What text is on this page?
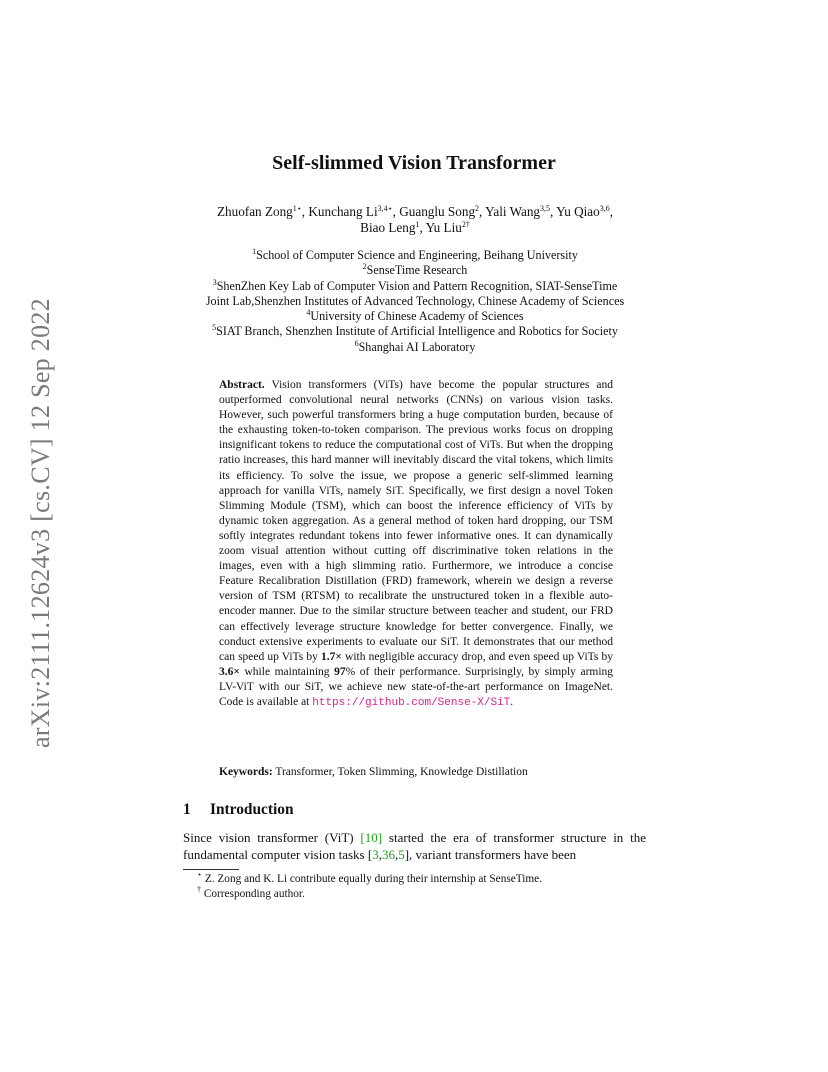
arXiv:2111.12624v3 [cs.CV] 12 Sep 2022
Self-slimmed Vision Transformer
Zhuofan Zong$^{1⋆}$, Kunchang $Li^{3,4⋆}$, Guanglu Song$^2$, Yali Wang$^{3,5}$, Yu Qiao$^{3,6}$,
Biao Leng$^1$, Yu Liu$^{2\dagger}$
$^1$School of Computer Science and Engineering, Beihang University
$^2$SenseTime Research
$^3$ShenZhen Key Lab of Computer Vision and Pattern Recognition, SIAT-SenseTime
Joint Lab,Shenzhen Institutes of Advanced Technology, Chinese Academy of Sciences
$^4$University of Chinese Academy of Sciences
$^5$SIAT Branch, Shenzhen Institute of Artificial Intelligence and Robotics for Society
$^6$Shanghai AI Laboratory
Abstract. Vision transformers (ViTs) have become the popular structures and outperformed convolutional neural networks (CNNs) on various vision tasks. However, such powerful transformers bring a huge computation burden, because of the exhausting token-to-token comparison. The previous works focus on dropping insignificant tokens to reduce the computational cost of ViTs. But when the dropping ratio increases, this hard manner will inevitably discard the vital tokens, which limits its efficiency. To solve the issue, we propose a generic self-slimmed learning approach for vanilla ViTs, namely SiT. Specifically, we first design a novel Token Slimming Module (TSM), which can boost the inference efficiency of ViTs by dynamic token aggregation. As a general method of token hard dropping, our TSM softly integrates redundant tokens into fewer informative ones. It can dynamically zoom visual attention without cutting off discriminative token relations in the images, even with a high slimming ratio. Furthermore, we introduce a concise Feature Recalibration Distillation (FRD) framework, wherein we design a reverse version of TSM (RTSM) to recalibrate the unstructured token in a flexible auto-encoder manner. Due to the similar structure between teacher and student, our FRD can effectively leverage structure knowledge for better convergence. Finally, we conduct extensive experiments to evaluate our SiT. It demonstrates that our method can speed up ViTs by 1.7× with negligible accuracy drop, and even speed up ViTs by 3.6× while maintaining 97% of their performance. Surprisingly, by simply arming LV-ViT with our SiT, we achieve new state-of-the-art performance on ImageNet. Code is available at https://github.com/Sense-X/SiT.
Keywords: Transformer, Token Slimming, Knowledge Distillation
1 Introduction
Since vision transformer (ViT) [10] started the era of transformer structure in the fundamental computer vision tasks [3,36,5], variant transformers have been
⋆ Z. Zong and K. Li contribute equally during their internship at SenseTime.
† Corresponding author.
